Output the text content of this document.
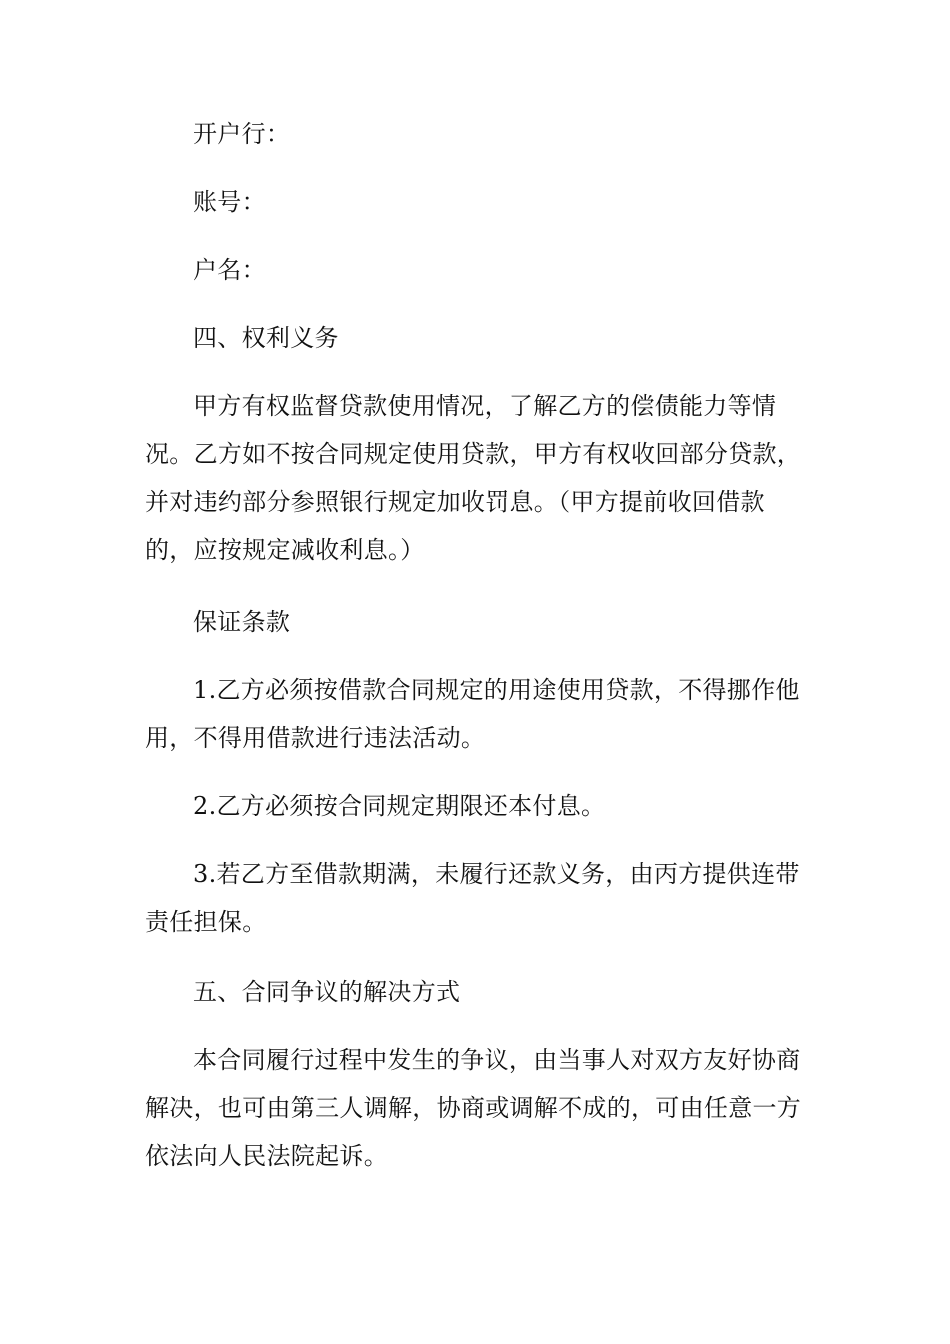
开户行：

账号：

户名：

四、权利义务

甲方有权监督贷款使用情况，了解乙方的偿债能力等情况。乙方如不按合同规定使用贷款，甲方有权收回部分贷款，并对违约部分参照银行规定加收罚息。（甲方提前收回借款的，应按规定减收利息。）

保证条款

1.乙方必须按借款合同规定的用途使用贷款，不得挪作他用，不得用借款进行违法活动。

2.乙方必须按合同规定期限还本付息。

3.若乙方至借款期满，未履行还款义务，由丙方提供连带责任担保。

五、合同争议的解决方式

本合同履行过程中发生的争议，由当事人对双方友好协商解决，也可由第三人调解，协商或调解不成的，可由任意一方依法向人民法院起诉。
